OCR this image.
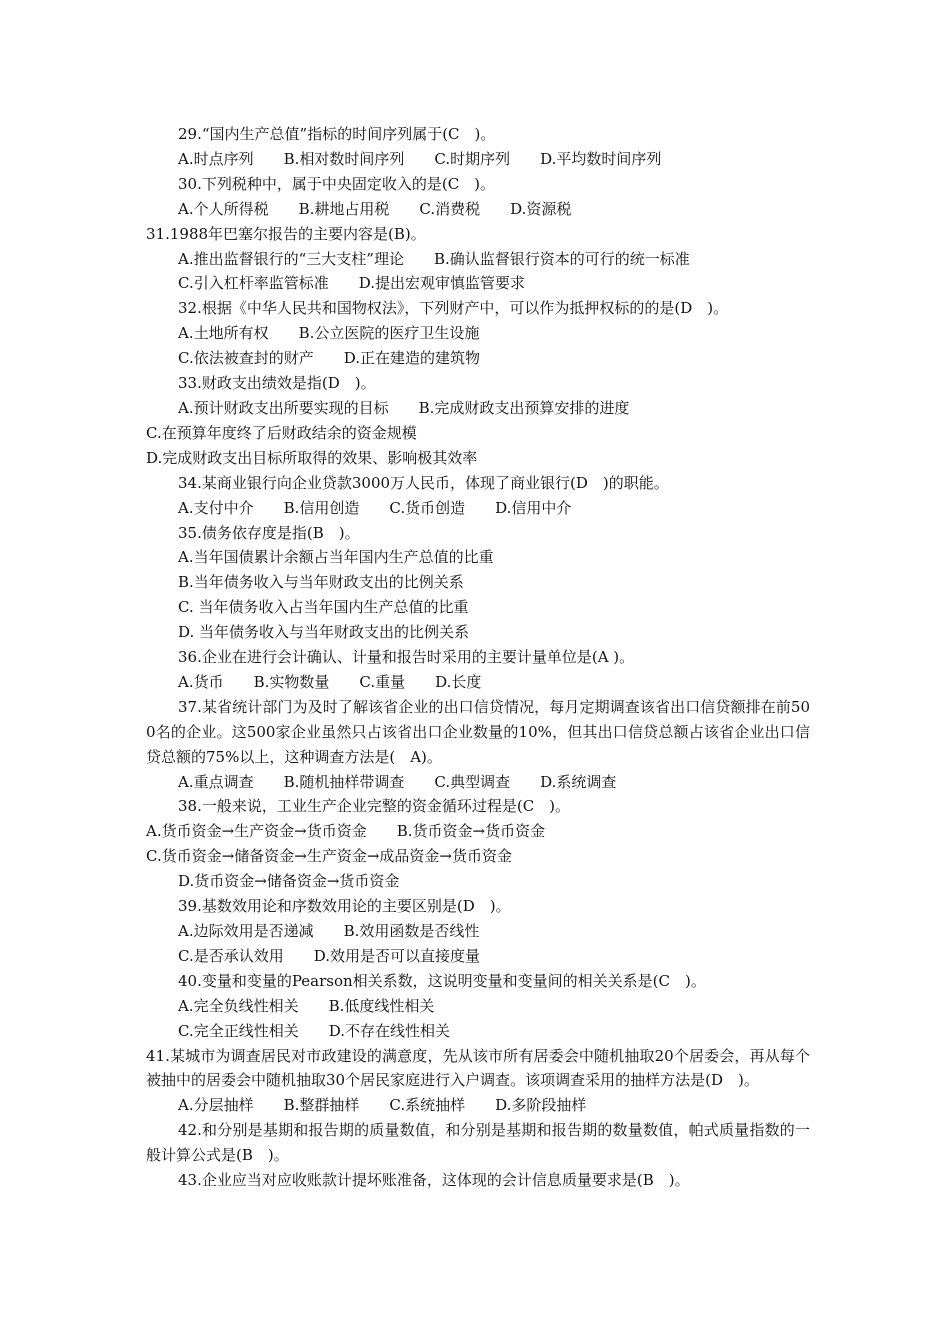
29.“国内生产总值”指标的时间序列属于(C　)。
A.时点序列　　B.相对数时间序列　　C.时期序列　　D.平均数时间序列
30.下列税种中，属于中央固定收入的是(C　)。
A.个人所得税　　B.耕地占用税　　C.消费税　　D.资源税
31.1988年巴塞尔报告的主要内容是(B)。
A.推出监督银行的“三大支柱”理论　　B.确认监督银行资本的可行的统一标准
C.引入杠杆率监管标准　　D.提出宏观审慎监管要求
32.根据《中华人民共和国物权法》，下列财产中，可以作为抵押权标的的是(D　)。
A.土地所有权　　B.公立医院的医疗卫生设施
C.依法被查封的财产　　D.正在建造的建筑物
33.财政支出绩效是指(D　)。
A.预计财政支出所要实现的目标　　B.完成财政支出预算安排的进度
C.在预算年度终了后财政结余的资金规模
D.完成财政支出目标所取得的效果、影响极其效率
34.某商业银行向企业贷款3000万人民币，体现了商业银行(D　)的职能。
A.支付中介　　B.信用创造　　C.货币创造　　D.信用中介
35.债务依存度是指(B　)。
A.当年国债累计余额占当年国内生产总值的比重
B.当年债务收入与当年财政支出的比例关系
C. 当年债务收入占当年国内生产总值的比重
D. 当年债务收入与当年财政支出的比例关系
36.企业在进行会计确认、计量和报告时采用的主要计量单位是(A )。
A.货币　　B.实物数量　　C.重量　　D.长度
37.某省统计部门为及时了解该省企业的出口信贷情况，每月定期调查该省出口信贷额排在前500名的企业。这500家企业虽然只占该省出口企业数量的10%，但其出口信贷总额占该省企业出口信贷总额的75%以上，这种调查方法是(　A)。
A.重点调查　　B.随机抽样带调查　　C.典型调查　　D.系统调查
38.一般来说，工业生产企业完整的资金循环过程是(C　)。
A.货币资金→生产资金→货币资金　　B.货币资金→货币资金
C.货币资金→储备资金→生产资金→成品资金→货币资金
D.货币资金→储备资金→货币资金
39.基数效用论和序数效用论的主要区别是(D　)。
A.边际效用是否递减　　B.效用函数是否线性
C.是否承认效用　　D.效用是否可以直接度量
40.变量和变量的Pearson相关系数，这说明变量和变量间的相关关系是(C　)。
A.完全负线性相关　　B.低度线性相关
C.完全正线性相关　　D.不存在线性相关
41.某城市为调查居民对市政建设的满意度，先从该市所有居委会中随机抽取20个居委会，再从每个被抽中的居委会中随机抽取30个居民家庭进行入户调查。该项调查采用的抽样方法是(D　)。
A.分层抽样　　B.整群抽样　　C.系统抽样　　D.多阶段抽样
42.和分别是基期和报告期的质量数值，和分别是基期和报告期的数量数值，帕式质量指数的一般计算公式是(B　)。
43.企业应当对应收账款计提坏账准备，这体现的会计信息质量要求是(B　)。
